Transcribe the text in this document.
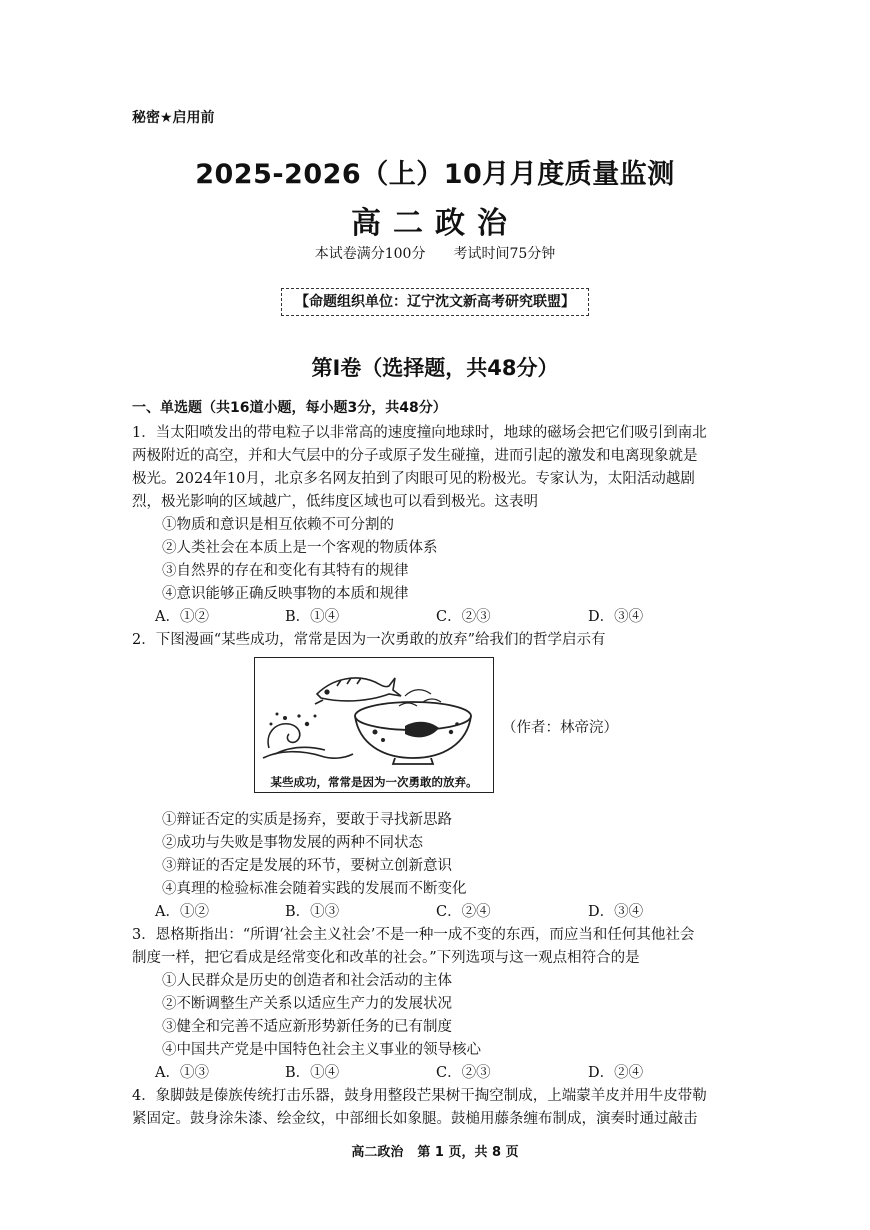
秘密★启用前
2025-2026（上）10月月度质量监测
高二政治
本试卷满分100分 考试时间75分钟
【命题组织单位：辽宁沈文新高考研究联盟】
第Ⅰ卷（选择题，共48分）
一、单选题（共16道小题，每小题3分，共48分）
1．当太阳喷发出的带电粒子以非常高的速度撞向地球时，地球的磁场会把它们吸引到南北
两极附近的高空，并和大气层中的分子或原子发生碰撞，进而引起的激发和电离现象就是
极光。2024年10月，北京多名网友拍到了肉眼可见的粉极光。专家认为，太阳活动越剧
烈，极光影响的区域越广，低纬度区域也可以看到极光。这表明
①物质和意识是相互依赖不可分割的
②人类社会在本质上是一个客观的物质体系
③自然界的存在和变化有其特有的规律
④意识能够正确反映事物的本质和规律
A．①②	B．①④	C．②③	D．③④
2．下图漫画“某些成功，常常是因为一次勇敢的放弃”给我们的哲学启示有
某些成功，常常是因为一次勇敢的放弃。
（作者：林帝浣）
①辩证否定的实质是扬弃，要敢于寻找新思路
②成功与失败是事物发展的两种不同状态
③辩证的否定是发展的环节，要树立创新意识
④真理的检验标准会随着实践的发展而不断变化
A．①②	B．①③	C．②④	D．③④
3．恩格斯指出：“所谓‘社会主义社会’不是一种一成不变的东西，而应当和任何其他社会
制度一样，把它看成是经常变化和改革的社会。”下列选项与这一观点相符合的是
①人民群众是历史的创造者和社会活动的主体
②不断调整生产关系以适应生产力的发展状况
③健全和完善不适应新形势新任务的已有制度
④中国共产党是中国特色社会主义事业的领导核心
A．①③	B．①④	C．②③	D．②④
4．象脚鼓是傣族传统打击乐器，鼓身用整段芒果树干掏空制成，上端蒙羊皮并用牛皮带勒
紧固定。鼓身涂朱漆、绘金纹，中部细长如象腿。鼓槌用藤条缠布制成，演奏时通过敲击
高二政治 第 1 页，共 8 页
